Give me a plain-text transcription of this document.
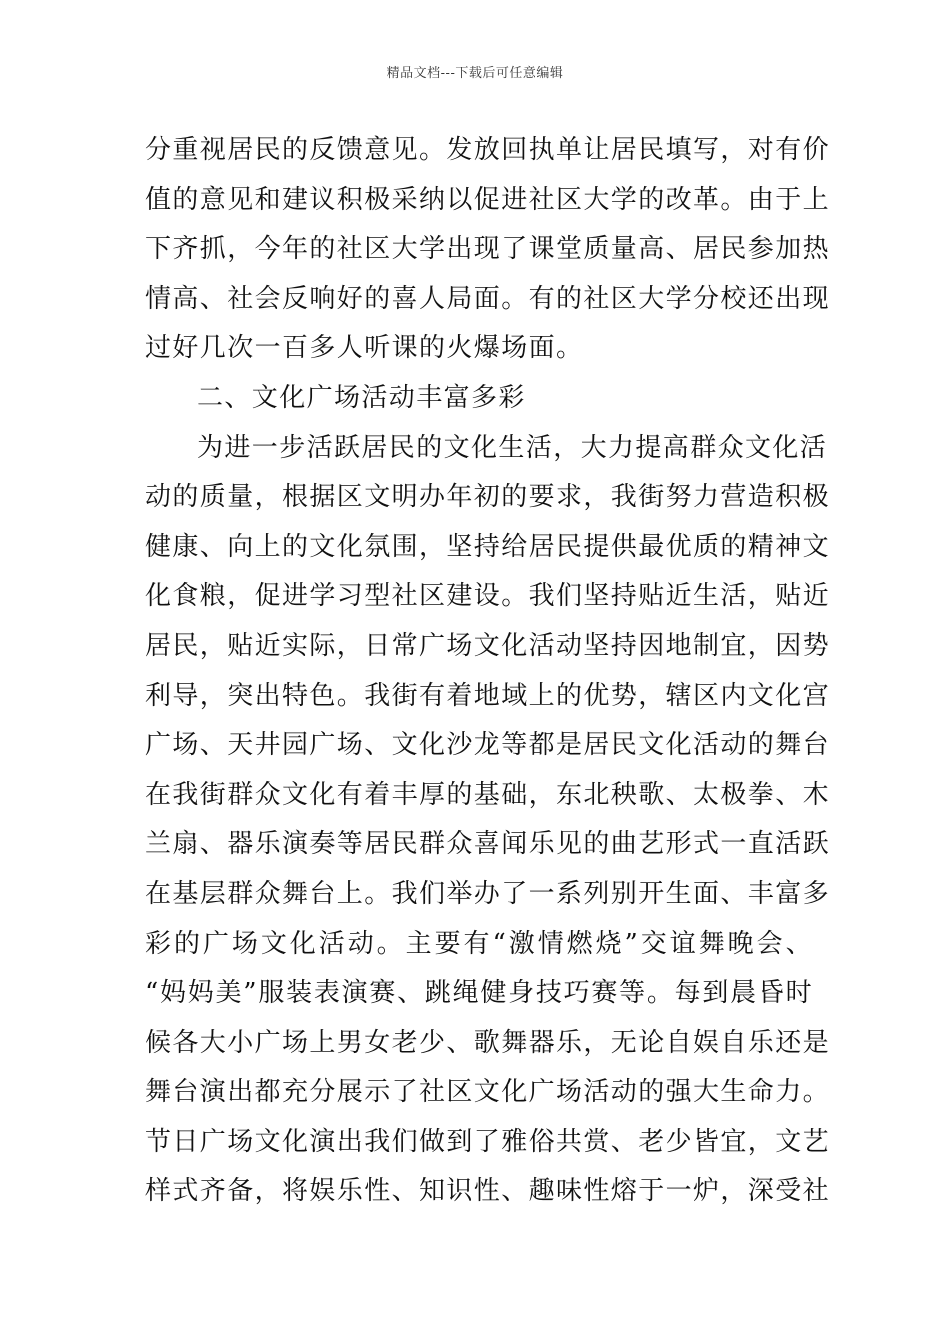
精品文档---下载后可任意编辑
分重视居民的反馈意见。发放回执单让居民填写，对有价
值的意见和建议积极采纳以促进社区大学的改革。由于上
下齐抓，今年的社区大学出现了课堂质量高、居民参加热
情高、社会反响好的喜人局面。有的社区大学分校还出现
过好几次一百多人听课的火爆场面。
二、文化广场活动丰富多彩
为进一步活跃居民的文化生活，大力提高群众文化活
动的质量，根据区文明办年初的要求，我街努力营造积极
健康、向上的文化氛围，坚持给居民提供最优质的精神文
化食粮，促进学习型社区建设。我们坚持贴近生活，贴近
居民，贴近实际，日常广场文化活动坚持因地制宜，因势
利导，突出特色。我街有着地域上的优势，辖区内文化宫
广场、天井园广场、文化沙龙等都是居民文化活动的舞台
在我街群众文化有着丰厚的基础，东北秧歌、太极拳、木
兰扇、器乐演奏等居民群众喜闻乐见的曲艺形式一直活跃
在基层群众舞台上。我们举办了一系列别开生面、丰富多
彩的广场文化活动。主要有“激情燃烧”交谊舞晚会、
“妈妈美”服装表演赛、跳绳健身技巧赛等。每到晨昏时
候各大小广场上男女老少、歌舞器乐，无论自娱自乐还是
舞台演出都充分展示了社区文化广场活动的强大生命力。
节日广场文化演出我们做到了雅俗共赏、老少皆宜，文艺
样式齐备，将娱乐性、知识性、趣味性熔于一炉，深受社
